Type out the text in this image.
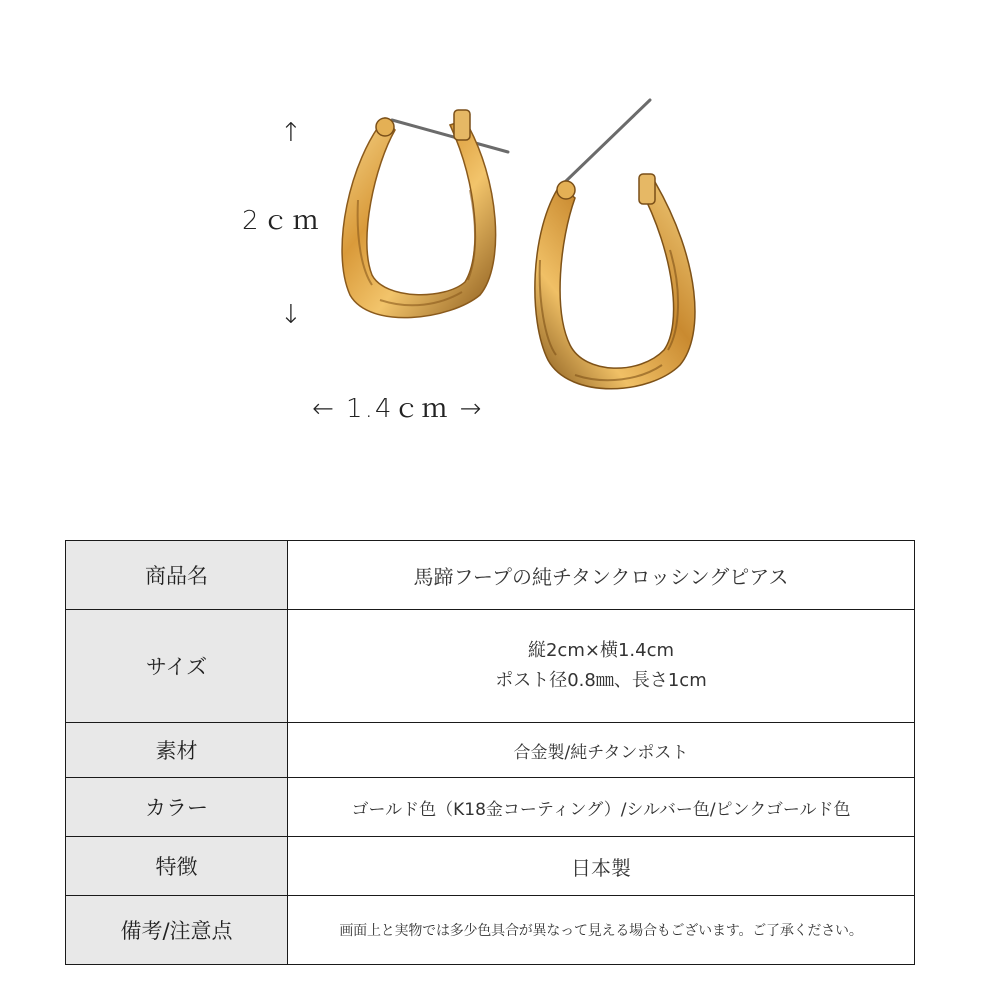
↑
2ｃｍ
↓
← 1.4ｃｍ →
商品名	馬蹄フープの純チタンクロッシングピアス
サイズ	縦2cm×横1.4cm
ポスト径0.8㎜、長さ1cm

素材	合金製/純チタンポスト
カラー	ゴールド色（K18金コーティング）/シルバー色/ピンクゴールド色
特徴	日本製
備考/注意点	画面上と実物では多少色具合が異なって見える場合もございます。ご了承ください。
